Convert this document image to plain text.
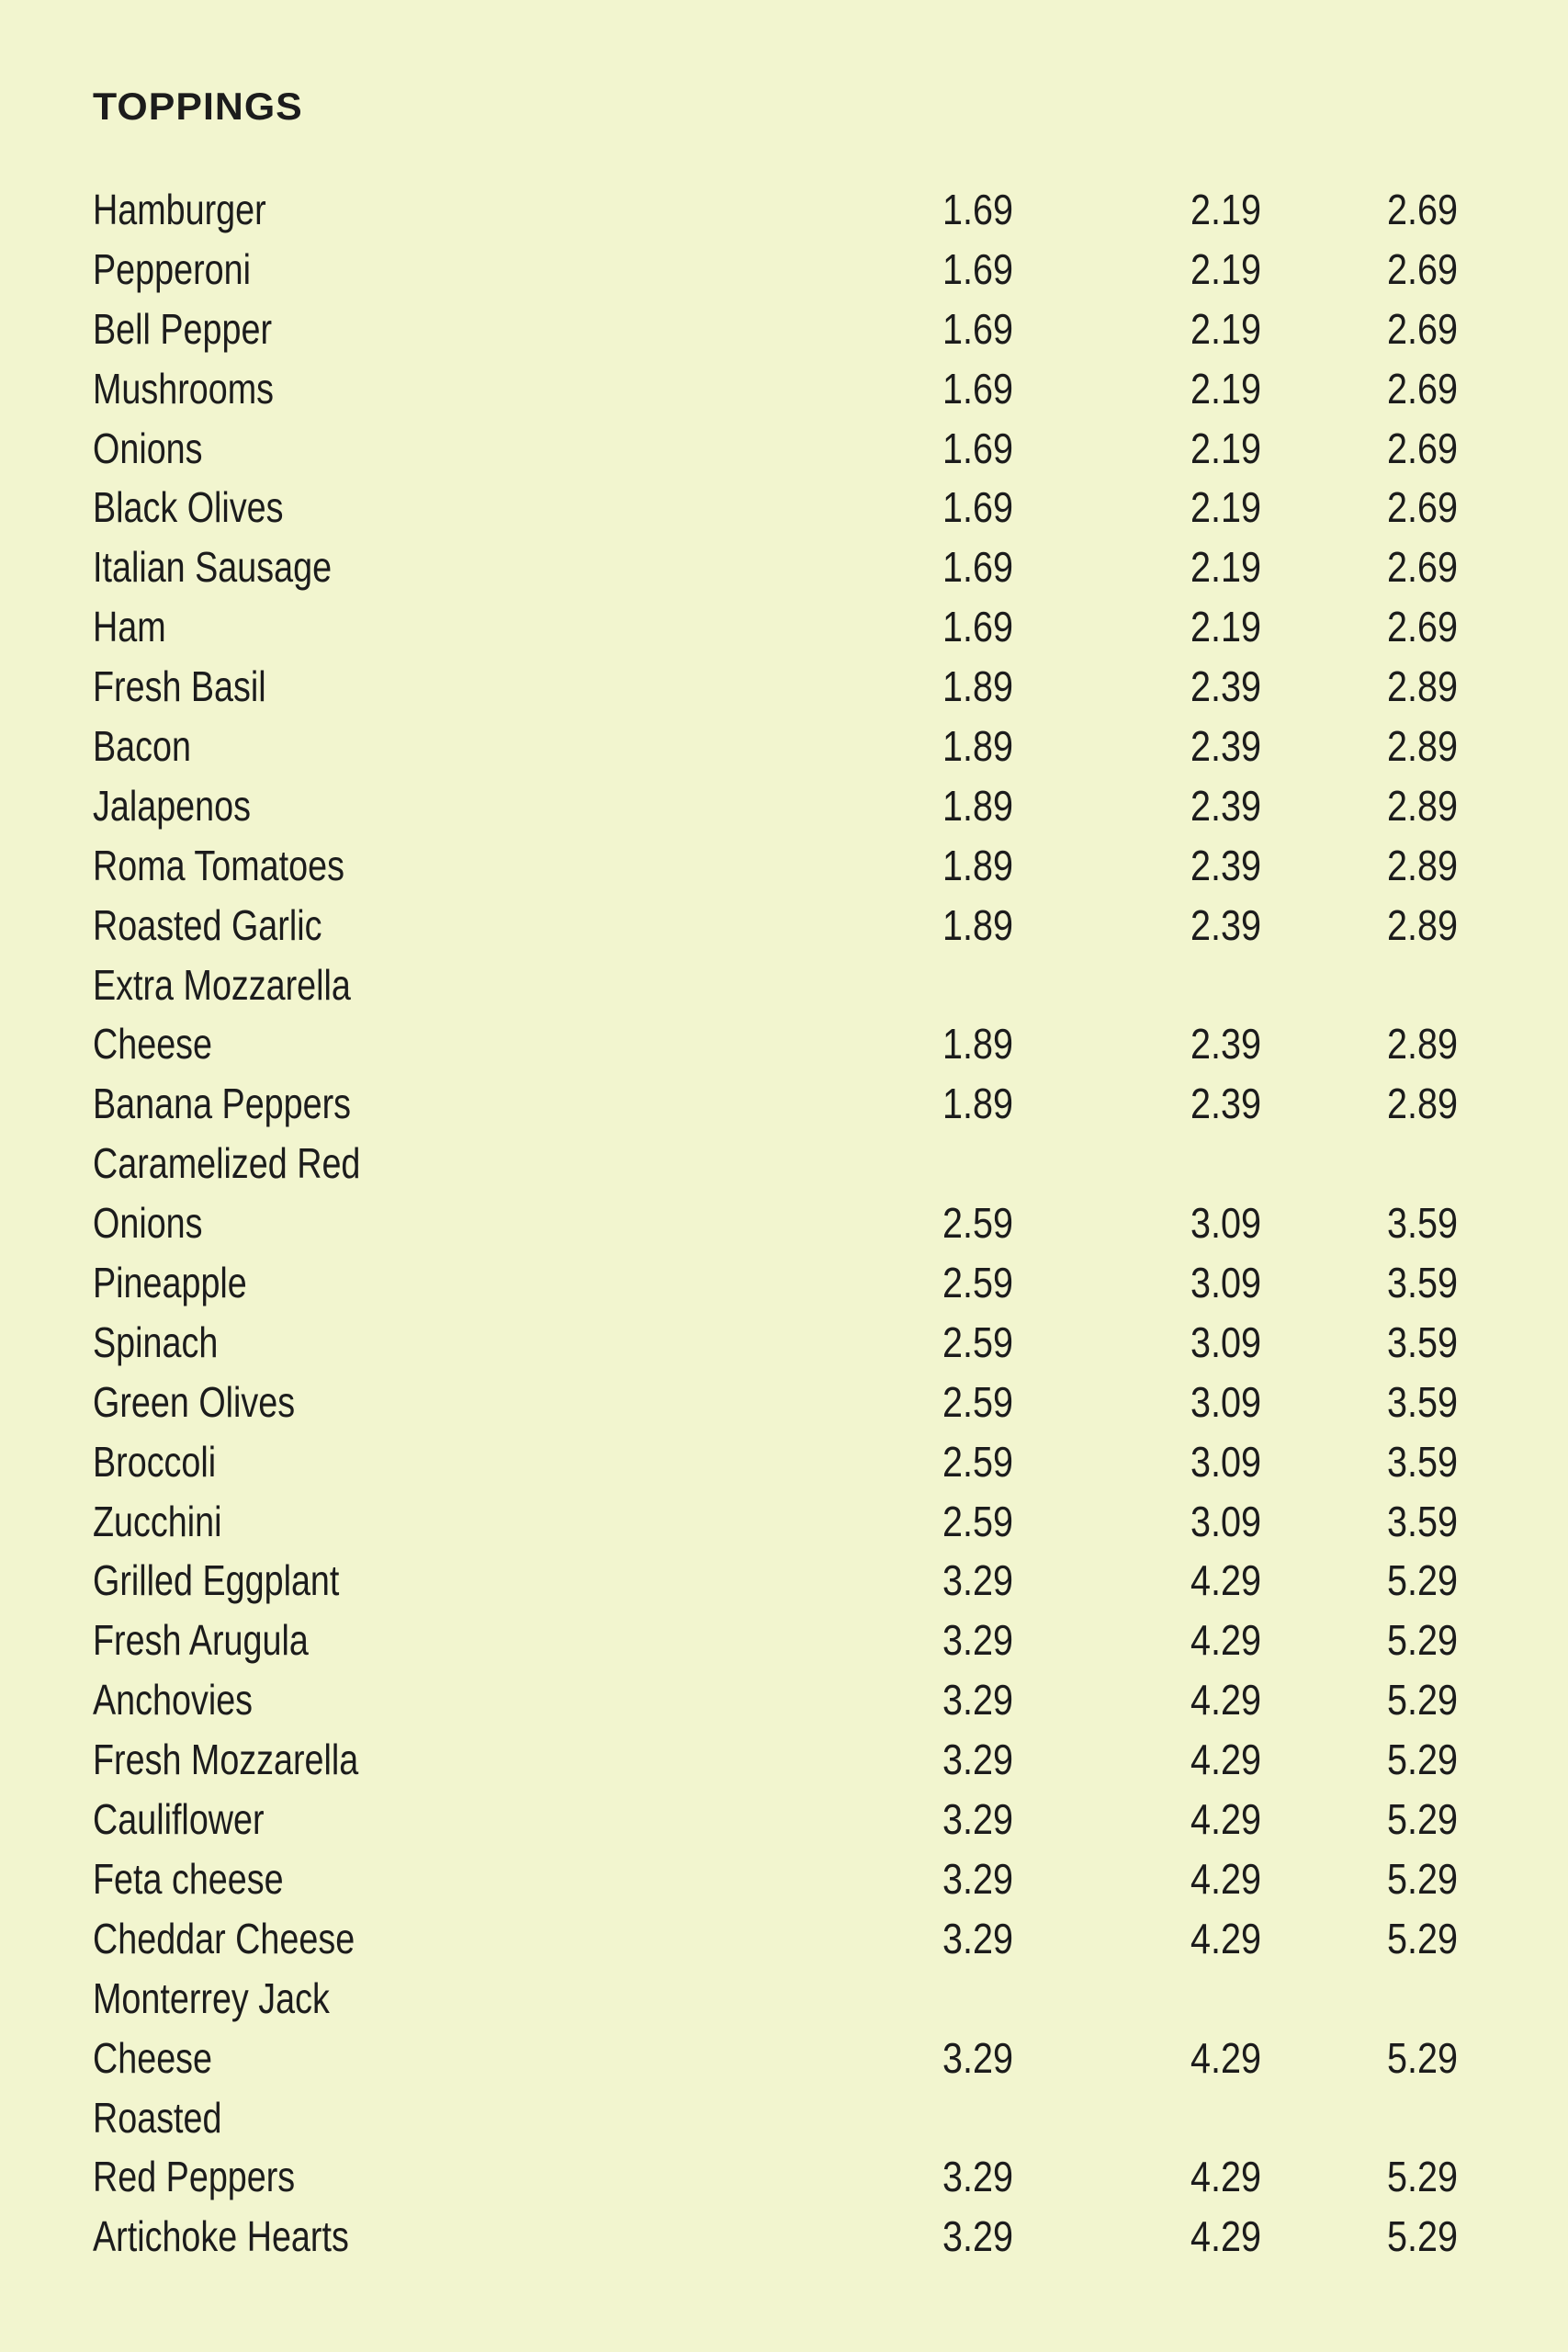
TOPPINGS
Hamburger	1.69	2.19	2.69
Pepperoni	1.69	2.19	2.69
Bell Pepper	1.69	2.19	2.69
Mushrooms	1.69	2.19	2.69
Onions	1.69	2.19	2.69
Black Olives	1.69	2.19	2.69
Italian Sausage	1.69	2.19	2.69
Ham	1.69	2.19	2.69
Fresh Basil	1.89	2.39	2.89
Bacon	1.89	2.39	2.89
Jalapenos	1.89	2.39	2.89
Roma Tomatoes	1.89	2.39	2.89
Roasted Garlic	1.89	2.39	2.89
Extra Mozzarella
Cheese	1.89	2.39	2.89
Banana Peppers	1.89	2.39	2.89
Caramelized Red
Onions	2.59	3.09	3.59
Pineapple	2.59	3.09	3.59
Spinach	2.59	3.09	3.59
Green Olives	2.59	3.09	3.59
Broccoli	2.59	3.09	3.59
Zucchini	2.59	3.09	3.59
Grilled Eggplant	3.29	4.29	5.29
Fresh Arugula	3.29	4.29	5.29
Anchovies	3.29	4.29	5.29
Fresh Mozzarella	3.29	4.29	5.29
Cauliflower	3.29	4.29	5.29
Feta cheese	3.29	4.29	5.29
Cheddar Cheese	3.29	4.29	5.29
Monterrey Jack
Cheese	3.29	4.29	5.29
Roasted
Red Peppers	3.29	4.29	5.29
Artichoke Hearts	3.29	4.29	5.29
